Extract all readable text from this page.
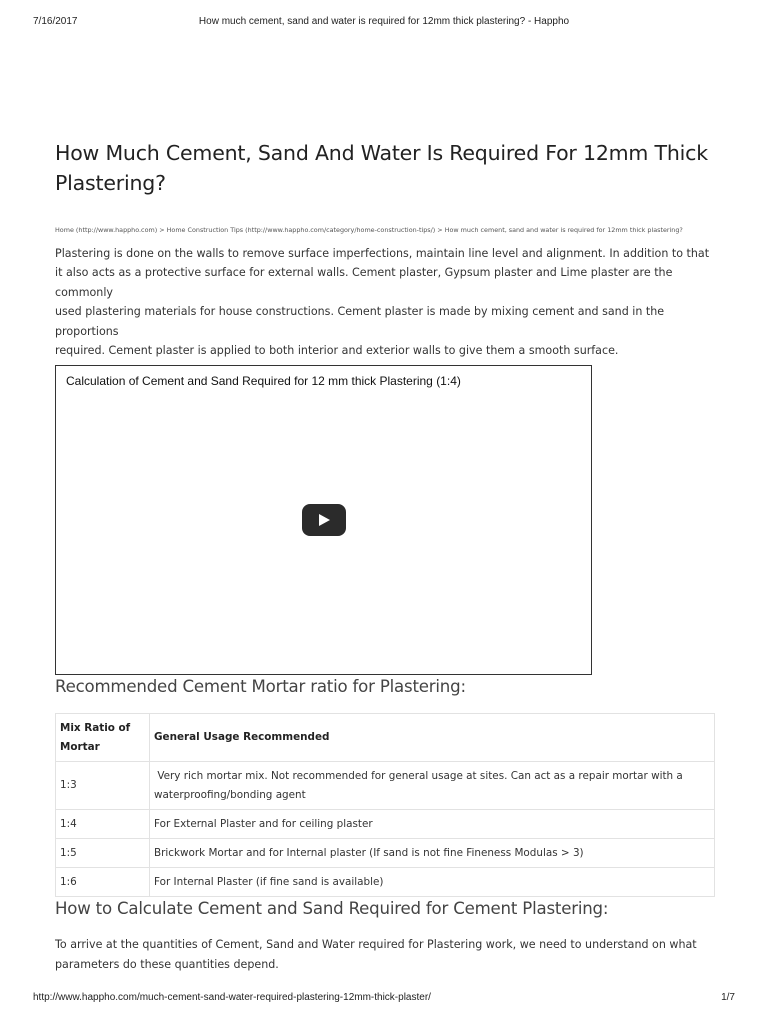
7/16/2017	How much cement, sand and water is required for 12mm thick plastering? - Happho
How Much Cement, Sand And Water Is Required For 12mm Thick
Plastering?
Home (http://www.happho.com) > Home Construction Tips (http://www.happho.com/category/home-construction-tips/) > How much cement, sand and water is required for 12mm thick plastering?

Plastering is done on the walls to remove surface imperfections, maintain line level and alignment. In addition to that
it also acts as a protective surface for external walls. Cement plaster, Gypsum plaster and Lime plaster are the commonly
used plastering materials for house constructions. Cement plaster is made by mixing cement and sand in the proportions
required. Cement plaster is applied to both interior and exterior walls to give them a smooth surface.

Calculation of Cement and Sand Required for 12 mm thick Plastering (1:4)
Recommended Cement Mortar ratio for Plastering:
Mix Ratio of Mortar	General Usage Recommended
1:3	Very rich mortar mix. Not recommended for general usage at sites. Can act as a repair mortar with a waterproofing/bonding agent
1:4	For External Plaster and for ceiling plaster
1:5	Brickwork Mortar and for Internal plaster (If sand is not fine Fineness Modulas > 3)
1:6	For Internal Plaster (if fine sand is available)
How to Calculate Cement and Sand Required for Cement Plastering:

To arrive at the quantities of Cement, Sand and Water required for Plastering work, we need to understand on what
parameters do these quantities depend.

http://www.happho.com/much-cement-sand-water-required-plastering-12mm-thick-plaster/	1/7
